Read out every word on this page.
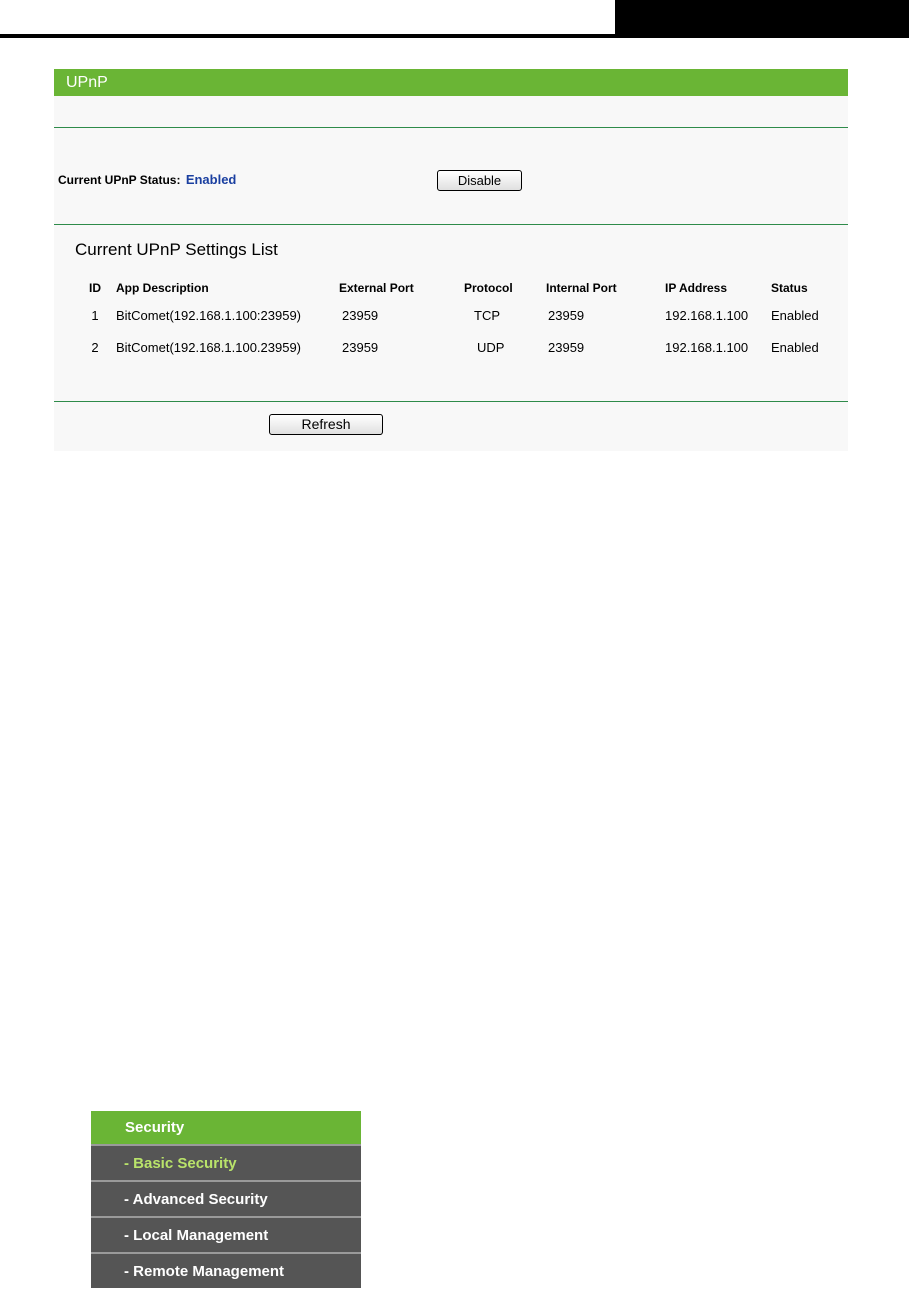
UPnP
Current UPnP Status: Enabled	Disable
Current UPnP Settings List
ID	App Description	External Port	Protocol	Internal Port	IP Address	Status
1	BitComet(192.168.1.100:23959)	23959	TCP	23959	192.168.1.100	Enabled
2	BitComet(192.168.1.100.23959)	23959	UDP	23959	192.168.1.100	Enabled
Refresh
Security
- Basic Security
- Advanced Security
- Local Management
- Remote Management
